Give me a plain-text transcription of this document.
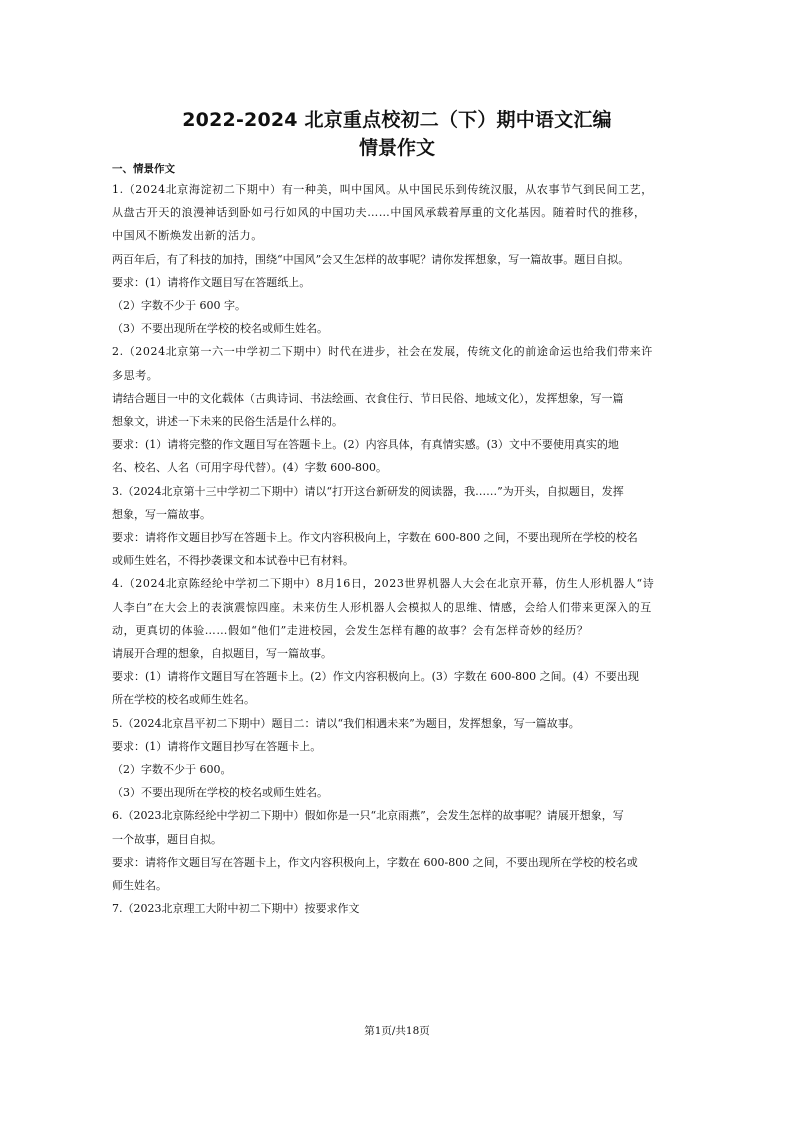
2022-2024 北京重点校初二（下）期中语文汇编
情景作文
一、情景作文
1.（2024北京海淀初二下期中）有一种美，叫中国风。从中国民乐到传统汉服，从农事节气到民间工艺，
从盘古开天的浪漫神话到卧如弓行如风的中国功夫……中国风承载着厚重的文化基因。随着时代的推移，
中国风不断焕发出新的活力。
两百年后，有了科技的加持，围绕“中国风”会又生怎样的故事呢？请你发挥想象，写一篇故事。题目自拟。
要求：(1）请将作文题目写在答题纸上。
（2）字数不少于 600 字。
（3）不要出现所在学校的校名或师生姓名。
2.（2024北京第一六一中学初二下期中）时代在进步，社会在发展，传统文化的前途命运也给我们带来许
多思考。
请结合题目一中的文化载体（古典诗词、书法绘画、衣食住行、节日民俗、地域文化），发挥想象，写一篇
想象文，讲述一下未来的民俗生活是什么样的。
要求：(1）请将完整的作文题目写在答题卡上。(2）内容具体，有真情实感。(3）文中不要使用真实的地
名、校名、人名（可用字母代替）。(4）字数 600-800。
3.（2024北京第十三中学初二下期中）请以“打开这台新研发的阅读器，我……”为开头，自拟题目，发挥
想象，写一篇故事。
要求：请将作文题目抄写在答题卡上。作文内容积极向上，字数在 600-800 之间，不要出现所在学校的校名
或师生姓名，不得抄袭课文和本试卷中已有材料。
4.（2024北京陈经纶中学初二下期中）8月16日，2023世界机器人大会在北京开幕，仿生人形机器人“诗
人李白”在大会上的表演震惊四座。未来仿生人形机器人会模拟人的思维、情感，会给人们带来更深入的互
动，更真切的体验……假如“他们”走进校园，会发生怎样有趣的故事？会有怎样奇妙的经历？
请展开合理的想象，自拟题目，写一篇故事。
要求：(1）请将作文题目写在答题卡上。(2）作文内容积极向上。(3）字数在 600-800 之间。(4）不要出现
所在学校的校名或师生姓名。
5.（2024北京昌平初二下期中）题目二：请以“我们相遇未来”为题目，发挥想象，写一篇故事。
要求：(1）请将作文题目抄写在答题卡上。
（2）字数不少于 600。
（3）不要出现所在学校的校名或师生姓名。
6.（2023北京陈经纶中学初二下期中）假如你是一只“北京雨燕”，会发生怎样的故事呢？请展开想象，写
一个故事，题目自拟。
要求：请将作文题目写在答题卡上，作文内容积极向上，字数在 600-800 之间，不要出现所在学校的校名或
师生姓名。
7.（2023北京理工大附中初二下期中）按要求作文
第1页/共18页
